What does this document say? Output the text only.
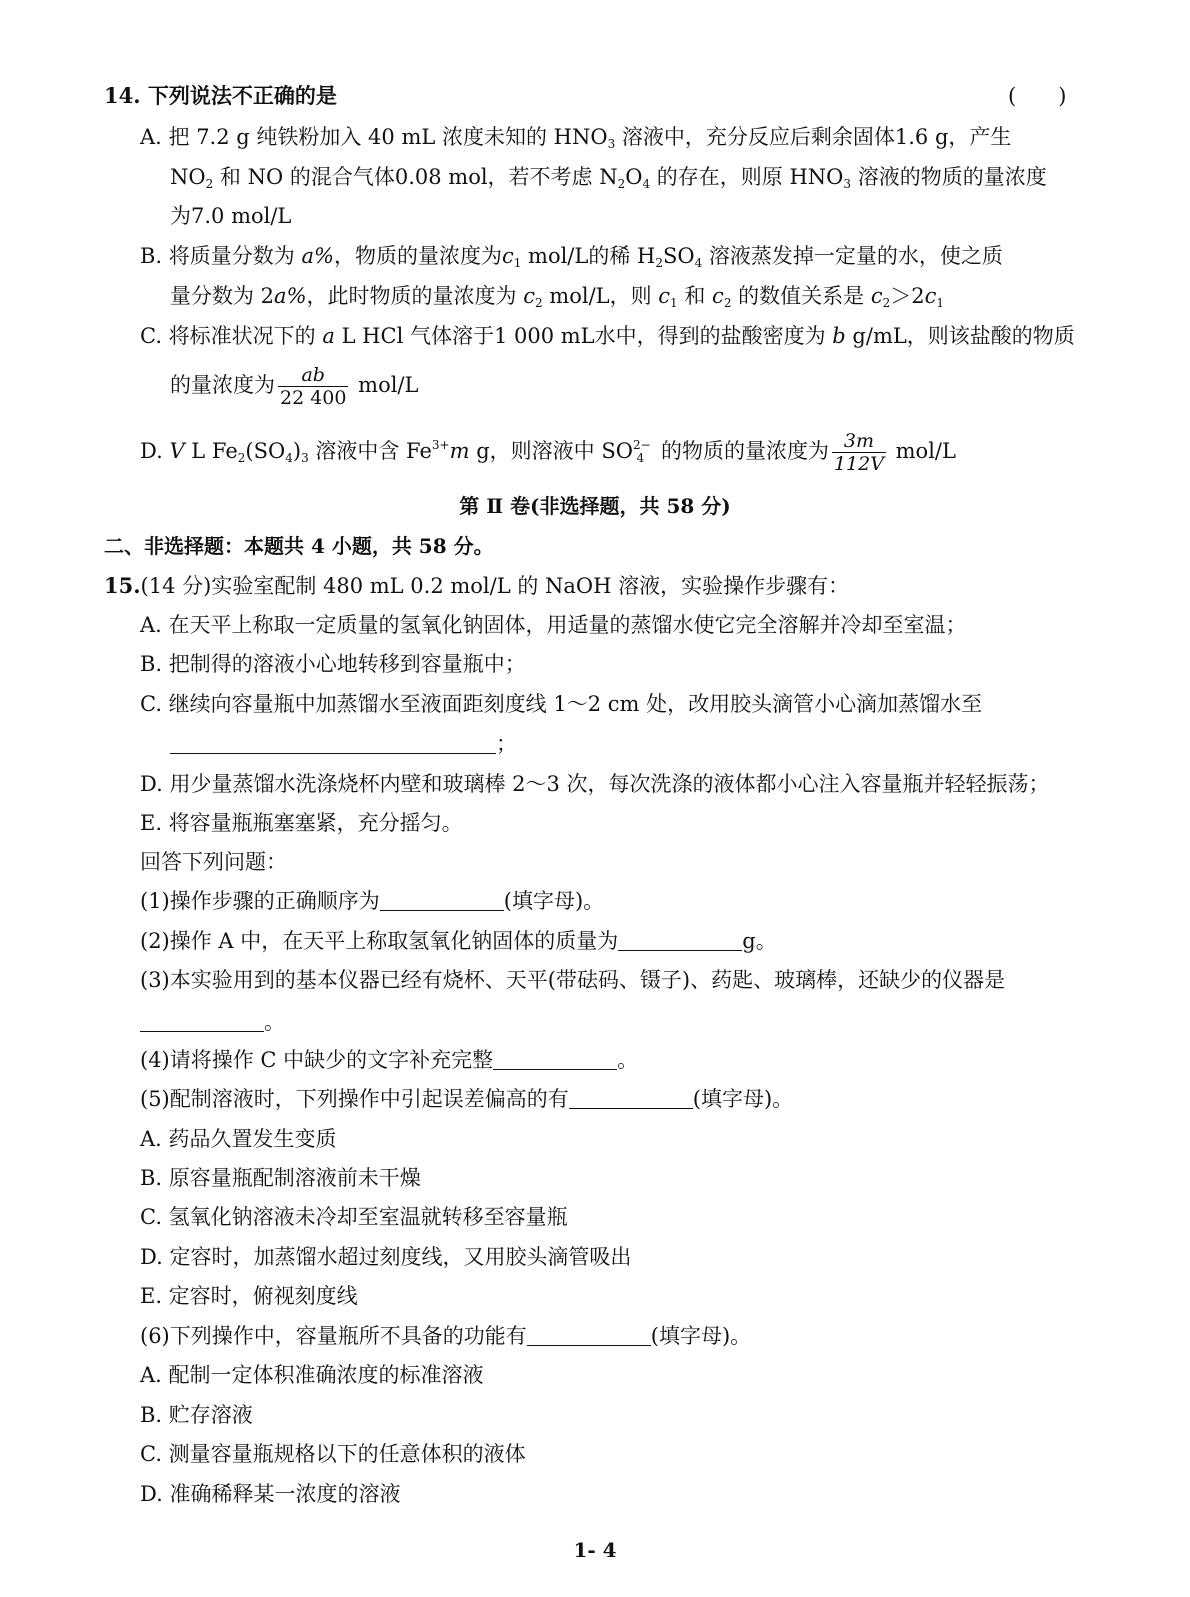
14. 下列说法不正确的是	(　　)
A. 把 7.2 g 纯铁粉加入 40 mL 浓度未知的 $HNO_3$ 溶液中，充分反应后剩余固体1.6 g，产生
$NO_2$ 和 NO 的混合气体0.08 mol，若不考虑 $N_2O_4$ 的存在，则原 $HNO_3$ 溶液的物质的量浓度
为7.0 mol/L
B. 将质量分数为 a%，物质的量浓度为$c_1$ mol/L的稀 $H_2SO_4$ 溶液蒸发掉一定量的水，使之质
量分数为 2a%，此时物质的量浓度为 $c_2$ mol/L，则 $c_1$ 和 $c_2$ 的数值关系是 $c_2>2c_1$
C. 将标准状况下的 a L HCl 气体溶于1 000 mL水中，得到的盐酸密度为 b g/mL，则该盐酸的物质
的量浓度为 $\frac{ab}{22 400} mol/L$
D. V L $Fe_2(SO_4)_3$ 溶液中含 $Fe^{3+}m$ g，则溶液中 $SO^{2-}_4$ 的物质的量浓度为 $\frac{3m}{112V} mol/L$
第 Ⅱ 卷(非选择题，共 58 分)
二、非选择题：本题共 4 小题，共 58 分。
15.(14 分)实验室配制 480 mL 0.2 mol/L 的 NaOH 溶液，实验操作步骤有：
A. 在天平上称取一定质量的氢氧化钠固体，用适量的蒸馏水使它完全溶解并冷却至室温；
B. 把制得的溶液小心地转移到容量瓶中；
C. 继续向容量瓶中加蒸馏水至液面距刻度线 1～2 cm 处，改用胶头滴管小心滴加蒸馏水至
；
D. 用少量蒸馏水洗涤烧杯内壁和玻璃棒 2～3 次，每次洗涤的液体都小心注入容量瓶并轻轻振荡；
E. 将容量瓶瓶塞塞紧，充分摇匀。
回答下列问题：
(1)操作步骤的正确顺序为	(填字母)。
(2)操作 A 中，在天平上称取氢氧化钠固体的质量为	g。
(3)本实验用到的基本仪器已经有烧杯、天平(带砝码、镊子)、药匙、玻璃棒，还缺少的仪器是
。
(4)请将操作 C 中缺少的文字补充完整	。
(5)配制溶液时，下列操作中引起误差偏高的有	(填字母)。
A. 药品久置发生变质
B. 原容量瓶配制溶液前未干燥
C. 氢氧化钠溶液未冷却至室温就转移至容量瓶
D. 定容时，加蒸馏水超过刻度线，又用胶头滴管吸出
E. 定容时，俯视刻度线
(6)下列操作中，容量瓶所不具备的功能有	(填字母)。
A. 配制一定体积准确浓度的标准溶液
B. 贮存溶液
C. 测量容量瓶规格以下的任意体积的液体
D. 准确稀释某一浓度的溶液
1- 4
